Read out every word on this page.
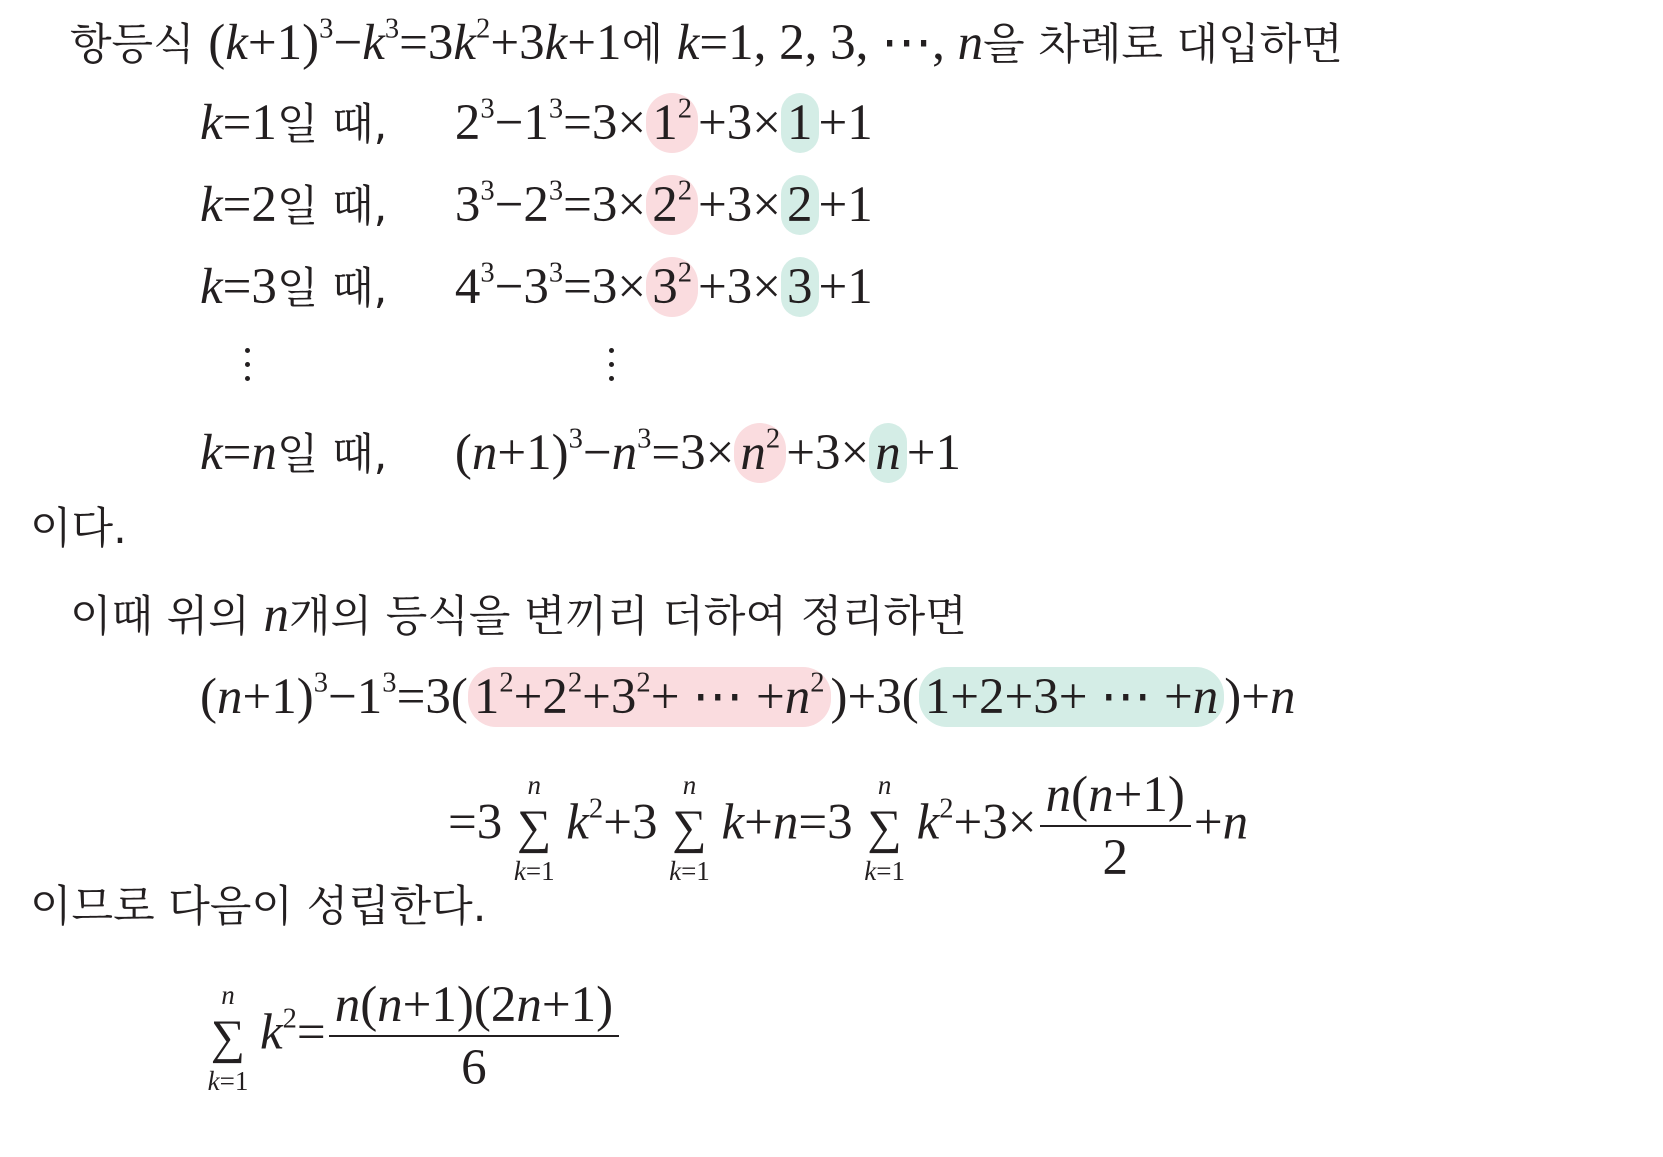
항등식 $(k+1)^3-k^3=3k^2+3k+1$에 k=1, 2, 3, ⋯, n을 차례로 대입하면
k=1일 때, $2^3-1^3=3\times 1^2 +3\times 1 +1$
k=2일 때, $3^3-2^3=3\times 2^2 +3\times 2 +1$
k=3일 때, $4^3-3^3=3\times 3^2 +3\times 3 +1$
k=n일 때, $(n+1)^3-n^3=3\times n^2 +3\times n +1$
이다.
이때 위의 n개의 등식을 변끼리 더하여 정리하면
$(n+1)^3-1^3=3$( $1^2+2^2+3^2+$ ⋯ $+n^2$ )+3( 1+2+3+ ⋯ +n )+n
=3
n
∑
k=1
$k^2+3$
n
∑
k=1
k+n=3
n
∑
k=1
$k^2+3\times \frac{n(n+1)}{2} +n$
이므로 다음이 성립한다.
n
∑
k=1
$k^2= \frac{n(n+1)(2n+1)}{6}$
